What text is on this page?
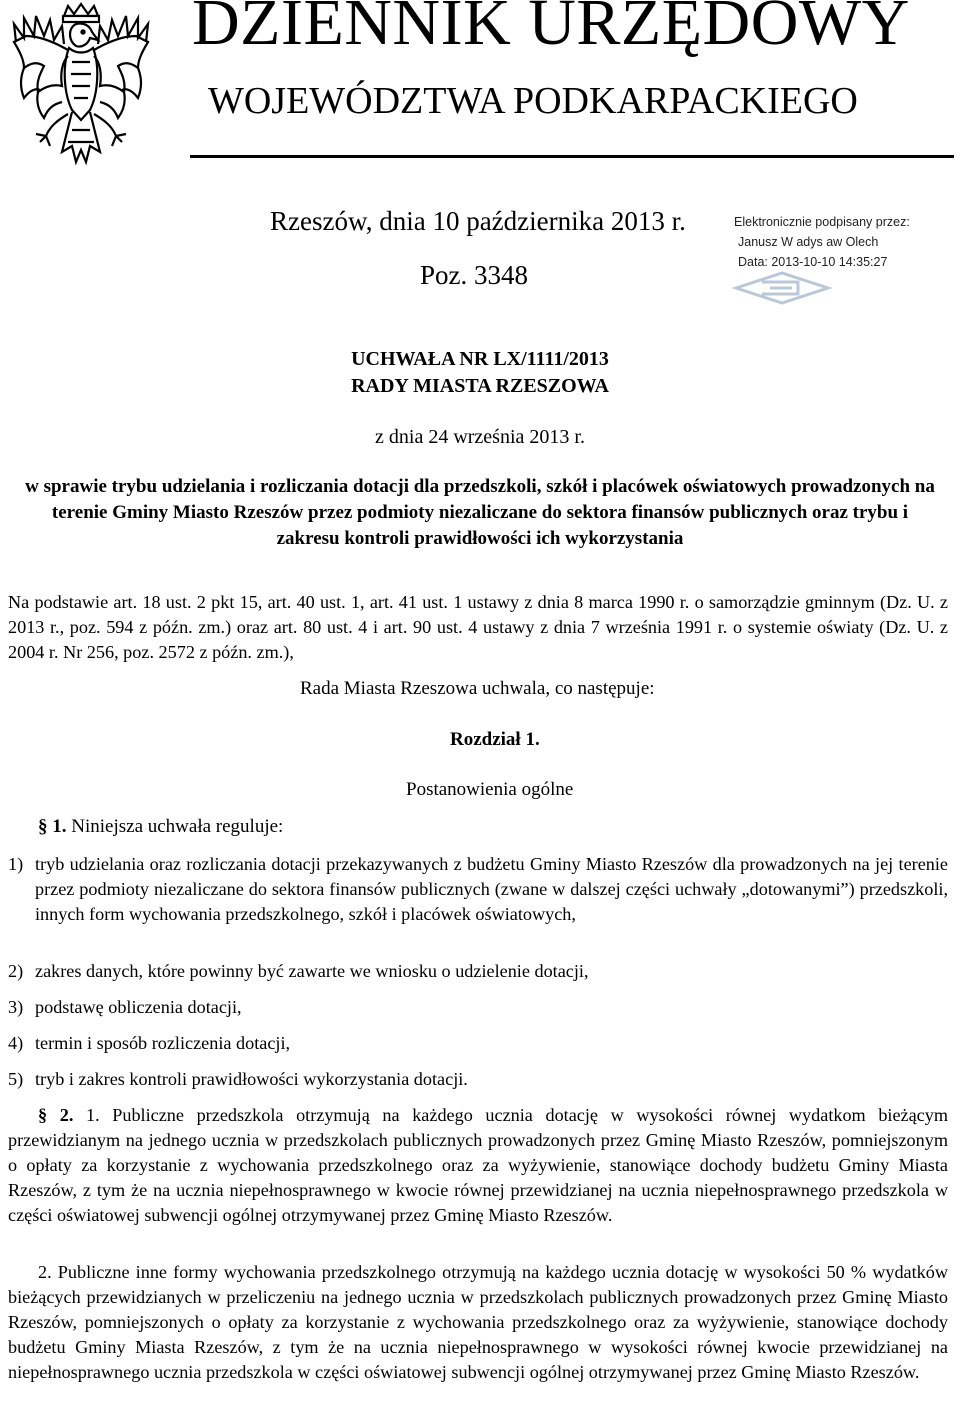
DZIENNIK URZĘDOWY
WOJEWÓDZTWA PODKARPACKIEGO
Rzeszów, dnia 10 października 2013 r.
Poz. 3348
Elektronicznie podpisany przez:
Janusz W adys aw Olech
Data: 2013-10-10 14:35:27
UCHWAŁA NR LX/1111/2013
RADY MIASTA RZESZOWA
z dnia 24 września 2013 r.
w sprawie trybu udzielania i rozliczania dotacji dla przedszkoli, szkół i placówek oświatowych prowadzonych na terenie Gminy Miasto Rzeszów przez podmioty niezaliczane do sektora finansów publicznych oraz trybu i zakresu kontroli prawidłowości ich wykorzystania
Na podstawie art. 18 ust. 2 pkt 15, art. 40 ust. 1, art. 41 ust. 1 ustawy z dnia 8 marca 1990 r. o samorządzie gminnym (Dz. U. z 2013 r., poz. 594 z późn. zm.) oraz art. 80 ust. 4 i art. 90 ust. 4 ustawy z dnia 7 września 1991 r. o systemie oświaty (Dz. U. z 2004 r. Nr 256, poz. 2572 z późn. zm.),
Rada Miasta Rzeszowa uchwala, co następuje:
Rozdział 1.
Postanowienia ogólne
§ 1. Niniejsza uchwała reguluje:
1) tryb udzielania oraz rozliczania dotacji przekazywanych z budżetu Gminy Miasto Rzeszów dla prowadzonych na jej terenie przez podmioty niezaliczane do sektora finansów publicznych (zwane w dalszej części uchwały „dotowanymi”) przedszkoli, innych form wychowania przedszkolnego, szkół i placówek oświatowych,
2) zakres danych, które powinny być zawarte we wniosku o udzielenie dotacji,
3) podstawę obliczenia dotacji,
4) termin i sposób rozliczenia dotacji,
5) tryb i zakres kontroli prawidłowości wykorzystania dotacji.
§ 2. 1. Publiczne przedszkola otrzymują na każdego ucznia dotację w wysokości równej wydatkom bieżącym przewidzianym na jednego ucznia w przedszkolach publicznych prowadzonych przez Gminę Miasto Rzeszów, pomniejszonym o opłaty za korzystanie z wychowania przedszkolnego oraz za wyżywienie, stanowiące dochody budżetu Gminy Miasta Rzeszów, z tym że na ucznia niepełnosprawnego w kwocie równej przewidzianej na ucznia niepełnosprawnego przedszkola w części oświatowej subwencji ogólnej otrzymywanej przez Gminę Miasto Rzeszów.
2. Publiczne inne formy wychowania przedszkolnego otrzymują na każdego ucznia dotację w wysokości 50 % wydatków bieżących przewidzianych w przeliczeniu na jednego ucznia w przedszkolach publicznych prowadzonych przez Gminę Miasto Rzeszów, pomniejszonych o opłaty za korzystanie z wychowania przedszkolnego oraz za wyżywienie, stanowiące dochody budżetu Gminy Miasta Rzeszów, z tym że na ucznia niepełnosprawnego w wysokości równej kwocie przewidzianej na niepełnosprawnego ucznia przedszkola w części oświatowej subwencji ogólnej otrzymywanej przez Gminę Miasto Rzeszów.
